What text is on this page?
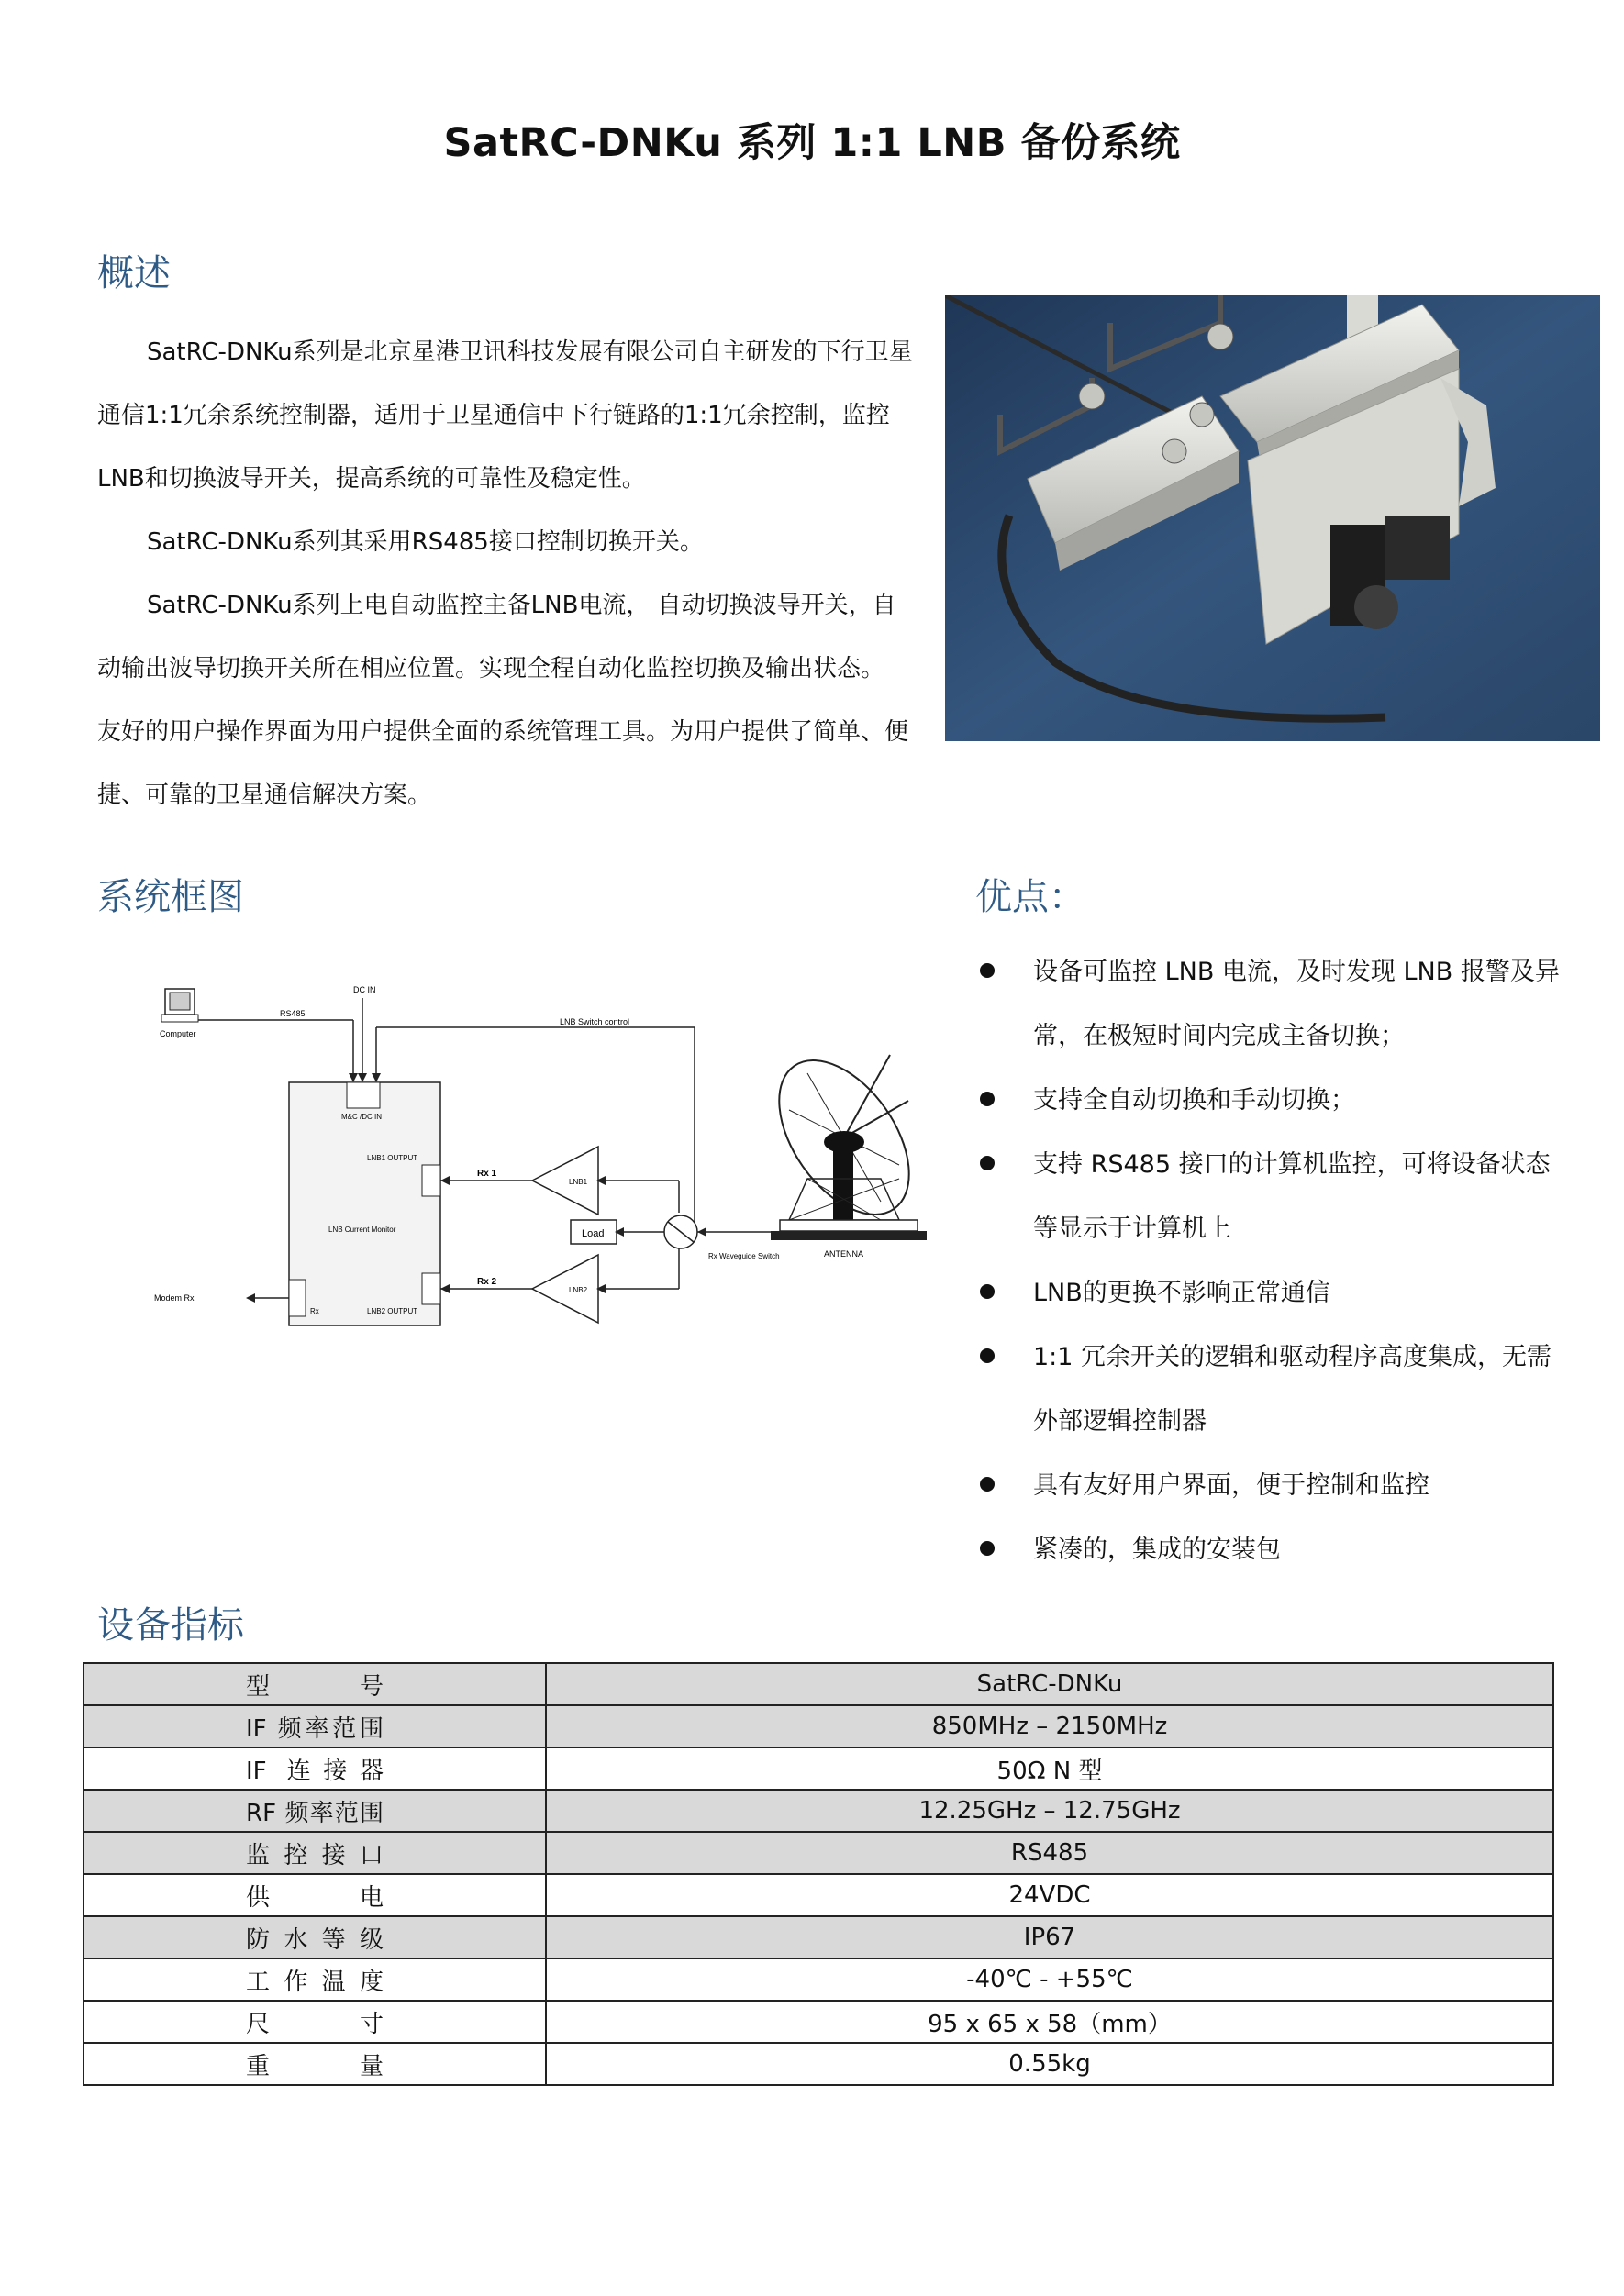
SatRC-DNKu 系列 1:1 LNB 备份系统
概述

SatRC-DNKu系列是北京星港卫讯科技发展有限公司自主研发的下行卫星通信1:1冗余系统控制器，适用于卫星通信中下行链路的1:1冗余控制，监控LNB和切换波导开关，提高系统的可靠性及稳定性。

SatRC-DNKu系列其采用RS485接口控制切换开关。

SatRC-DNKu系列上电自动监控主备LNB电流， 自动切换波导开关，自动输出波导切换开关所在相应位置。实现全程自动化监控切换及输出状态。

友好的用户操作界面为用户提供全面的系统管理工具。为用户提供了简单、便捷、可靠的卫星通信解决方案。

系统框图
Computer
RS485
DC IN
LNB Switch control
M&C /DC IN
LNB1 OUTPUT
LNB Current Monitor
LNB2 OUTPUT
Rx
Modem Rx
Rx 1
LNB1
Rx 2
LNB2
Load
Rx Waveguide Switch	ANTENNA
优点：
设备可监控 LNB 电流，及时发现 LNB 报警及异常，在极短时间内完成主备切换；
支持全自动切换和手动切换；
支持 RS485 接口的计算机监控，可将设备状态等显示于计算机上
LNB的更换不影响正常通信
1:1 冗余开关的逻辑和驱动程序高度集成，无需外部逻辑控制器
具有友好用户界面，便于控制和监控
紧凑的，集成的安装包
设备指标
型号	SatRC-DNKu
IF 频率范围	850MHz – 2150MHz
IF 连接器	50Ω N 型
RF 频率范围	12.25GHz – 12.75GHz
监控接口	RS485
供电	24VDC
防水等级	IP67
工作温度	-40℃ - +55℃
尺寸	95 x 65 x 58（mm）
重量	0.55kg
